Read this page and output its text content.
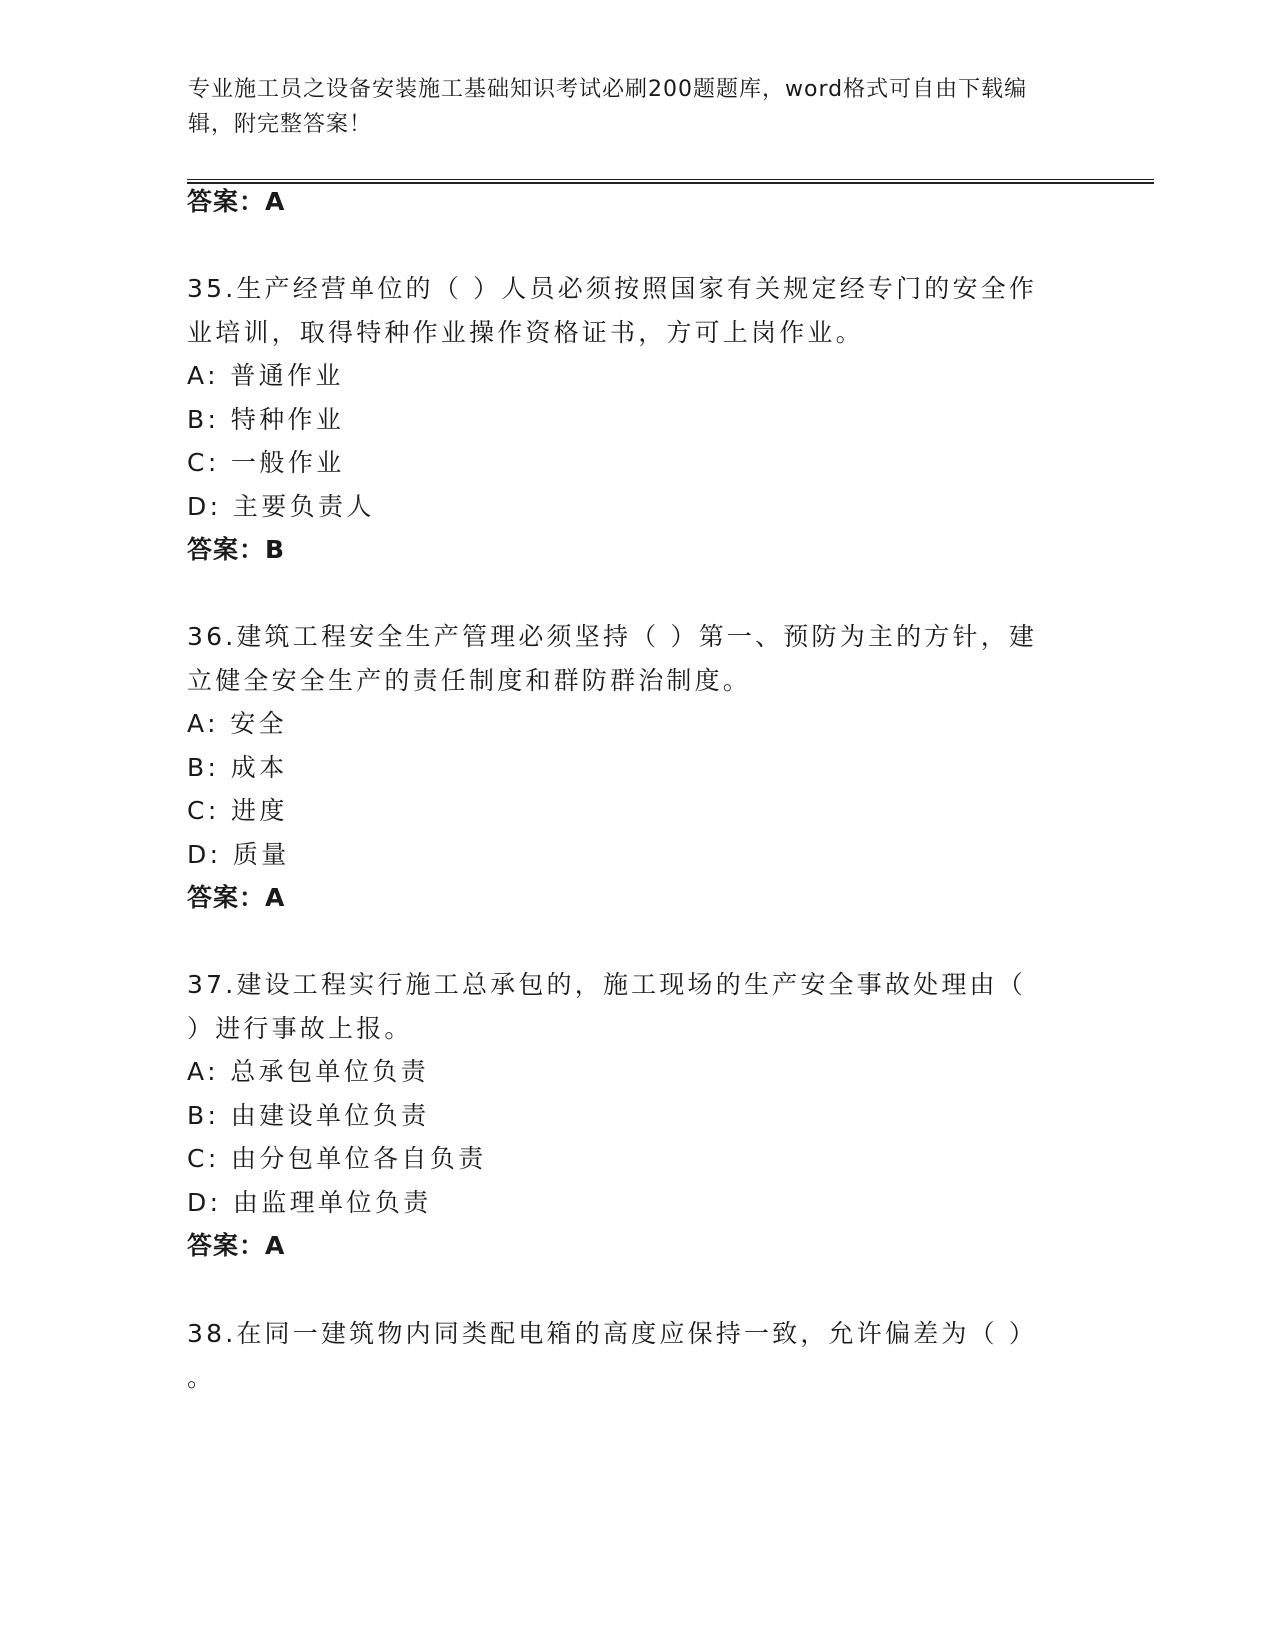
专业施工员之设备安装施工基础知识考试必刷200题题库，word格式可自由下载编辑，附完整答案！
答案：A
35.生产经营单位的（ ）人员必须按照国家有关规定经专门的安全作
业培训，取得特种作业操作资格证书，方可上岗作业。
A: 普通作业
B: 特种作业
C: 一般作业
D: 主要负责人
答案：B
36.建筑工程安全生产管理必须坚持（ ）第一、预防为主的方针，建
立健全安全生产的责任制度和群防群治制度。
A: 安全
B: 成本
C: 进度
D: 质量
答案：A
37.建设工程实行施工总承包的，施工现场的生产安全事故处理由（
）进行事故上报。
A: 总承包单位负责
B: 由建设单位负责
C: 由分包单位各自负责
D: 由监理单位负责
答案：A
38.在同一建筑物内同类配电箱的高度应保持一致，允许偏差为（ ）
。
